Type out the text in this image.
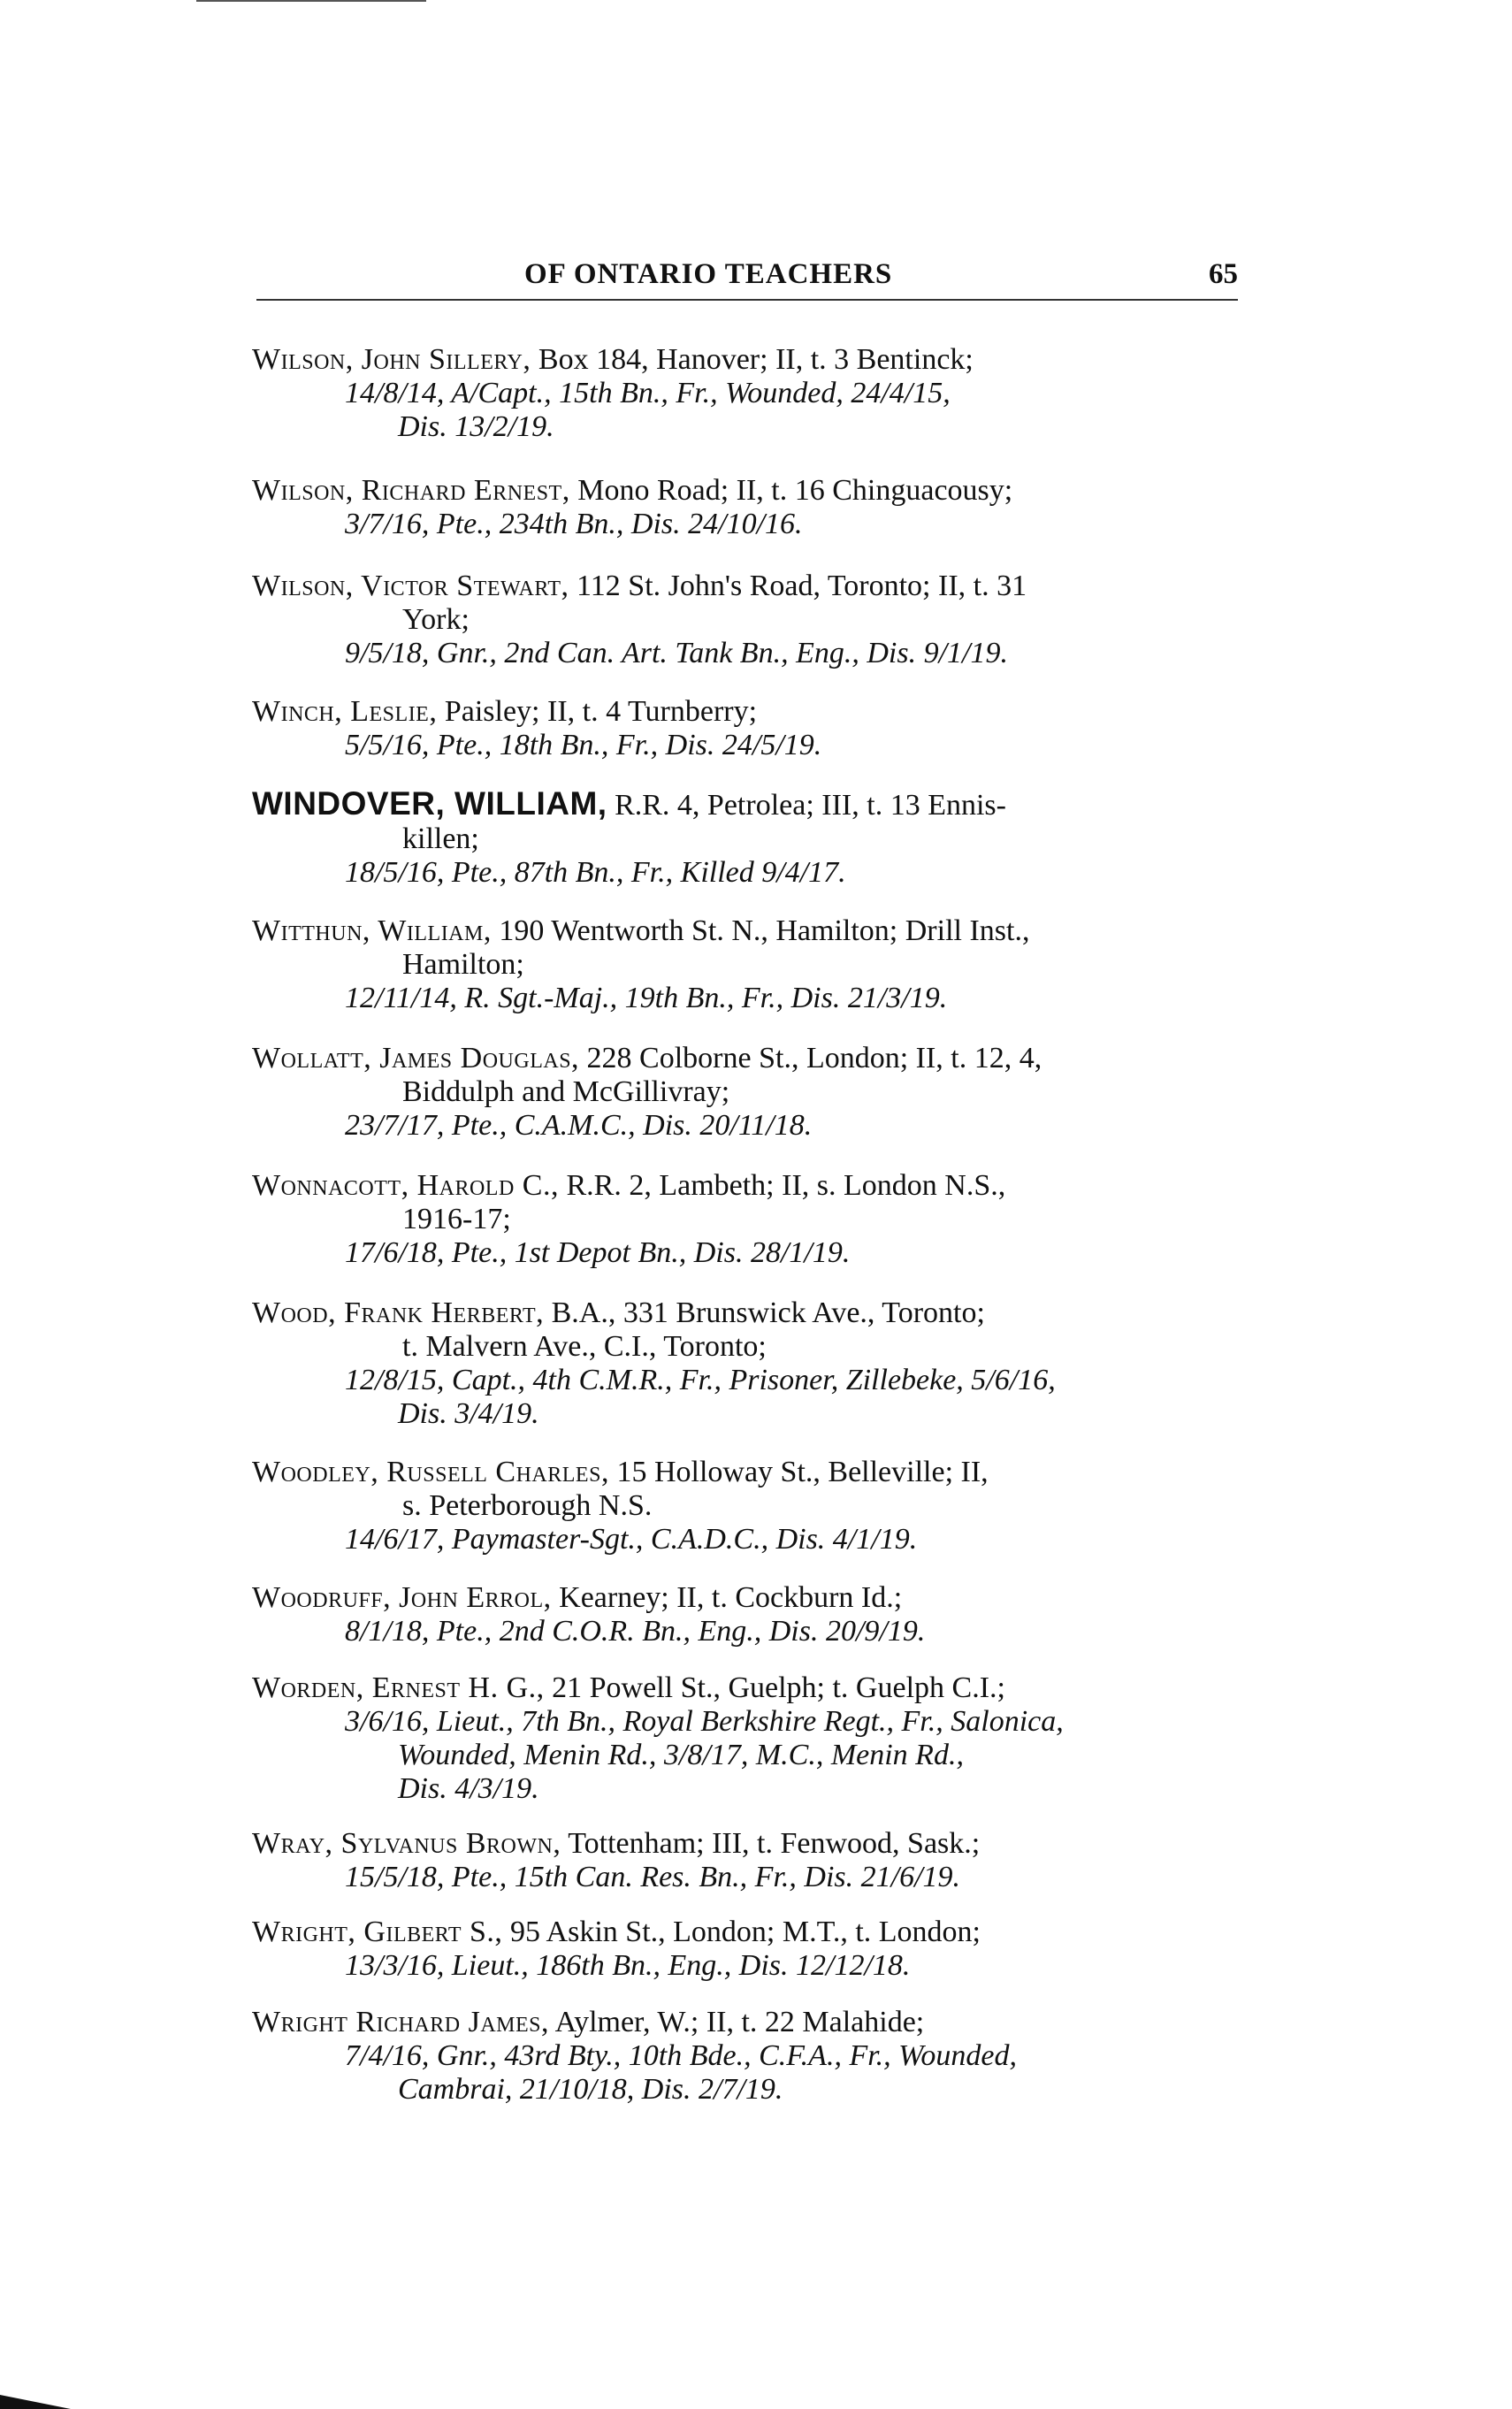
OF ONTARIO TEACHERS	65
Wilson, John Sillery, Box 184, Hanover; II, t. 3 Bentinck;
14/8/14, A/Capt., 15th Bn., Fr., Wounded, 24/4/15,
Dis. 13/2/19.
Wilson, Richard Ernest, Mono Road; II, t. 16 Chinguacousy;
3/7/16, Pte., 234th Bn., Dis. 24/10/16.
Wilson, Victor Stewart, 112 St. John's Road, Toronto; II, t. 31
York;
9/5/18, Gnr., 2nd Can. Art. Tank Bn., Eng., Dis. 9/1/19.
Winch, Leslie, Paisley; II, t. 4 Turnberry;
5/5/16, Pte., 18th Bn., Fr., Dis. 24/5/19.
WINDOVER, WILLIAM, R.R. 4, Petrolea; III, t. 13 Ennis-
killen;
18/5/16, Pte., 87th Bn., Fr., Killed 9/4/17.
Witthun, William, 190 Wentworth St. N., Hamilton; Drill Inst.,
Hamilton;
12/11/14, R. Sgt.-Maj., 19th Bn., Fr., Dis. 21/3/19.
Wollatt, James Douglas, 228 Colborne St., London; II, t. 12, 4,
Biddulph and McGillivray;
23/7/17, Pte., C.A.M.C., Dis. 20/11/18.
Wonnacott, Harold C., R.R. 2, Lambeth; II, s. London N.S.,
1916-17;
17/6/18, Pte., 1st Depot Bn., Dis. 28/1/19.
Wood, Frank Herbert, B.A., 331 Brunswick Ave., Toronto;
t. Malvern Ave., C.I., Toronto;
12/8/15, Capt., 4th C.M.R., Fr., Prisoner, Zillebeke, 5/6/16,
Dis. 3/4/19.
Woodley, Russell Charles, 15 Holloway St., Belleville; II,
s. Peterborough N.S.
14/6/17, Paymaster-Sgt., C.A.D.C., Dis. 4/1/19.
Woodruff, John Errol, Kearney; II, t. Cockburn Id.;
8/1/18, Pte., 2nd C.O.R. Bn., Eng., Dis. 20/9/19.
Worden, Ernest H. G., 21 Powell St., Guelph; t. Guelph C.I.;
3/6/16, Lieut., 7th Bn., Royal Berkshire Regt., Fr., Salonica,
Wounded, Menin Rd., 3/8/17, M.C., Menin Rd.,
Dis. 4/3/19.
Wray, Sylvanus Brown, Tottenham; III, t. Fenwood, Sask.;
15/5/18, Pte., 15th Can. Res. Bn., Fr., Dis. 21/6/19.
Wright, Gilbert S., 95 Askin St., London; M.T., t. London;
13/3/16, Lieut., 186th Bn., Eng., Dis. 12/12/18.
Wright Richard James, Aylmer, W.; II, t. 22 Malahide;
7/4/16, Gnr., 43rd Bty., 10th Bde., C.F.A., Fr., Wounded,
Cambrai, 21/10/18, Dis. 2/7/19.
